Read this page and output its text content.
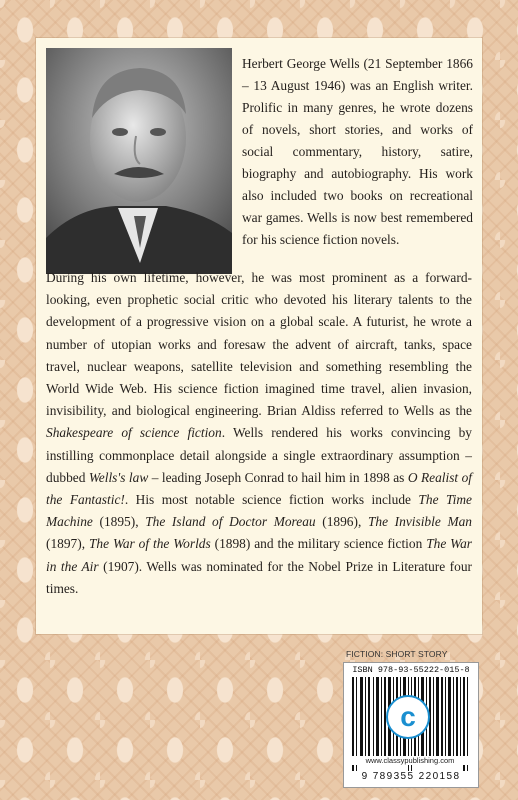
Herbert George Wells (21 September 1866 – 13 August 1946) was an English writer. Prolific in many genres, he wrote dozens of novels, short stories, and works of social commentary, history, satire, biography and autobiography. His work also included two books on recreational war games. Wells is now best remembered for his science fiction novels.

During his own lifetime, however, he was most prominent as a forward-looking, even prophetic social critic who devoted his literary talents to the development of a progressive vision on a global scale. A futurist, he wrote a number of utopian works and foresaw the advent of aircraft, tanks, space travel, nuclear weapons, satellite television and something resembling the World Wide Web. His science fiction imagined time travel, alien invasion, invisibility, and biological engineering. Brian Aldiss referred to Wells as the Shakespeare of science fiction. Wells rendered his works convincing by instilling commonplace detail alongside a single extraordinary assumption – dubbed Wells's law – leading Joseph Conrad to hail him in 1898 as O Realist of the Fantastic!. His most notable science fiction works include The Time Machine (1895), The Island of Doctor Moreau (1896), The Invisible Man (1897), The War of the Worlds (1898) and the military science fiction The War in the Air (1907). Wells was nominated for the Nobel Prize in Literature four times.

FICTION: SHORT STORY
ISBN 978-93-55222-015-8
9 789355 220158
c
www.classypublishing.com
